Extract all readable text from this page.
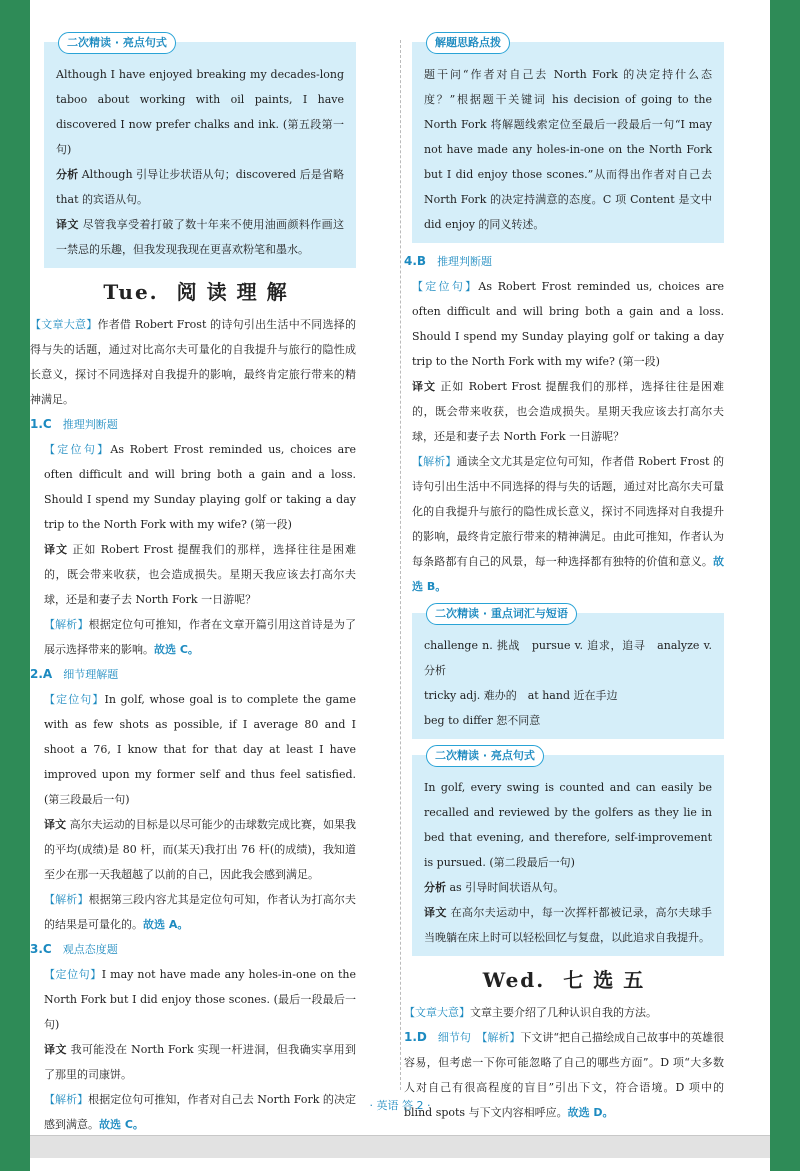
二次精读 · 亮点句式

Although I have enjoyed breaking my decades-long taboo about working with oil paints, I have discovered I now prefer chalks and ink. (第五段第一句)

分析 Although 引导让步状语从句；discovered 后是省略 that 的宾语从句。

译文 尽管我享受着打破了数十年来不使用油画颜料作画这一禁忌的乐趣，但我发现我现在更喜欢粉笔和墨水。

Tue. 阅读理解

【文章大意】作者借 Robert Frost 的诗句引出生活中不同选择的得与失的话题，通过对比高尔夫可量化的自我提升与旅行的隐性成长意义，探讨不同选择对自我提升的影响，最终肯定旅行带来的精神满足。

1.C　 推理判断题

【定位句】As Robert Frost reminded us, choices are often difficult and will bring both a gain and a loss. Should I spend my Sunday playing golf or taking a day trip to the North Fork with my wife? (第一段)

译文 正如 Robert Frost 提醒我们的那样，选择往往是困难的，既会带来收获，也会造成损失。星期天我应该去打高尔夫球，还是和妻子去 North Fork 一日游呢？

【解析】根据定位句可推知，作者在文章开篇引用这首诗是为了展示选择带来的影响。故选 C。

2.A　 细节理解题

【定位句】In golf, whose goal is to complete the game with as few shots as possible, if I average 80 and I shoot a 76, I know that for that day at least I have improved upon my former self and thus feel satisfied. (第三段最后一句)

译文 高尔夫运动的目标是以尽可能少的击球数完成比赛，如果我的平均(成绩)是 80 杆，而(某天)我打出 76 杆(的成绩)，我知道至少在那一天我超越了以前的自己，因此我会感到满足。

【解析】根据第三段内容尤其是定位句可知，作者认为打高尔夫的结果是可量化的。故选 A。

3.C　 观点态度题

【定位句】I may not have made any holes-in-one on the North Fork but I did enjoy those scones. (最后一段最后一句)

译文 我可能没在 North Fork 实现一杆进洞，但我确实享用到了那里的司康饼。

【解析】根据定位句可推知，作者对自己去 North Fork 的决定感到满意。故选 C。

解题思路点拨

题干问“作者对自己去 North Fork 的决定持什么态度？”根据题干关键词 his decision of going to the North Fork 将解题线索定位至最后一段最后一句“I may not have made any holes-in-one on the North Fork but I did enjoy those scones.”从而得出作者对自己去 North Fork 的决定持满意的态度。C 项 Content 是文中 did enjoy 的同义转述。

4.B　 推理判断题

【定位句】As Robert Frost reminded us, choices are often difficult and will bring both a gain and a loss. Should I spend my Sunday playing golf or taking a day trip to the North Fork with my wife? (第一段)

译文 正如 Robert Frost 提醒我们的那样，选择往往是困难的，既会带来收获，也会造成损失。星期天我应该去打高尔夫球，还是和妻子去 North Fork 一日游呢？

【解析】通读全文尤其是定位句可知，作者借 Robert Frost 的诗句引出生活中不同选择的得与失的话题，通过对比高尔夫可量化的自我提升与旅行的隐性成长意义，探讨不同选择对自我提升的影响，最终肯定旅行带来的精神满足。由此可推知，作者认为每条路都有自己的风景，每一种选择都有独特的价值和意义。故选 B。

二次精读 · 重点词汇与短语

challenge n. 挑战　pursue v. 追求，追寻　analyze v. 分析

tricky adj. 难办的　at hand 近在手边

beg to differ 恕不同意

二次精读 · 亮点句式

In golf, every swing is counted and can easily be recalled and reviewed by the golfers as they lie in bed that evening, and therefore, self-improvement is pursued. (第二段最后一句)

分析 as 引导时间状语从句。

译文 在高尔夫运动中，每一次挥杆都被记录，高尔夫球手当晚躺在床上时可以轻松回忆与复盘，以此追求自我提升。

Wed. 七选五

【文章大意】文章主要介绍了几种认识自我的方法。

1.D　 细节句　 【解析】下文讲“把自己描绘成自己故事中的英雄很容易，但考虑一下你可能忽略了自己的哪些方面”。D 项“大多数人对自己有很高程度的盲目”引出下文，符合语境。D 项中的 blind spots 与下文内容相呼应。故选 D。

· 英语 答 2 ·
